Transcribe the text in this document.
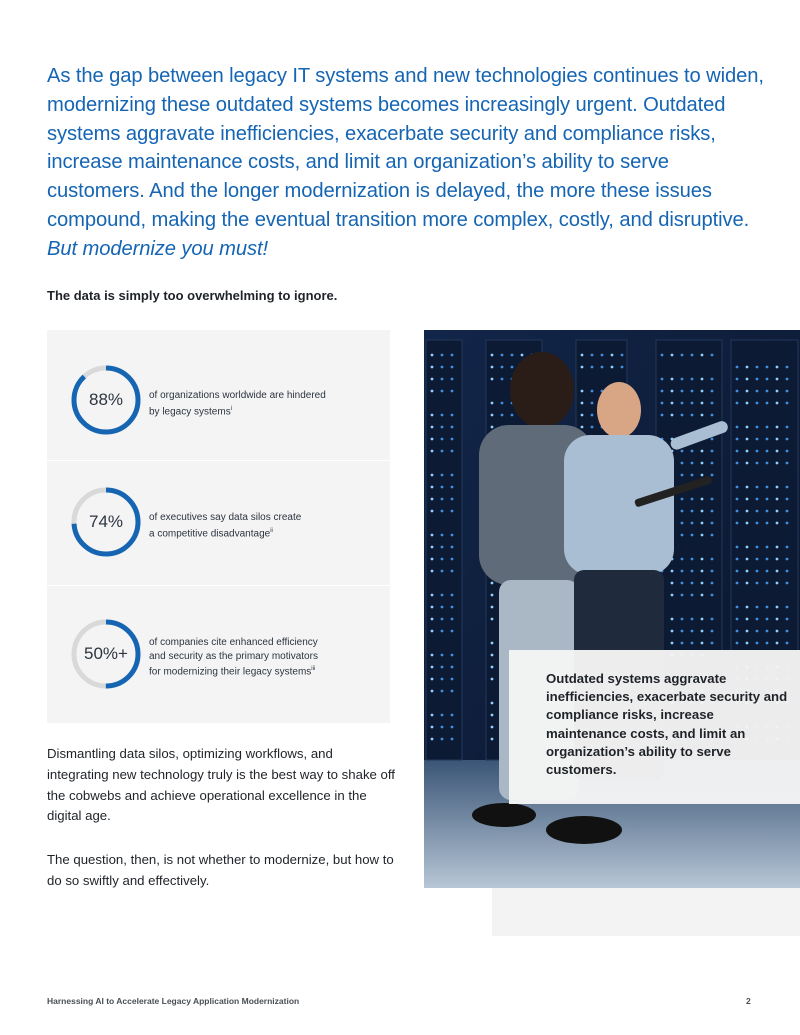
As the gap between legacy IT systems and new technologies continues to widen, modernizing these outdated systems becomes increasingly urgent. Outdated systems aggravate inefficiencies, exacerbate security and compliance risks, increase maintenance costs, and limit an organization’s ability to serve customers. And the longer modernization is delayed, the more these issues compound, making the eventual transition more complex, costly, and disruptive. But modernize you must!

The data is simply too overwhelming to ignore.

88%	of organizations worldwide are hindered
by legacy systems$^i$
74%	of executives say data silos create
a competitive disadvantage$^{ii}$
50%+
of companies cite enhanced efficiency
and security as the primary motivators
for modernizing their legacy systems$^{iii}$

Dismantling data silos, optimizing workflows, and integrating new technology truly is the best way to shake off the cobwebs and achieve operational excellence in the digital age.

The question, then, is not whether to modernize, but how to do so swiftly and effectively.

Outdated systems aggravate inefficiencies, exacerbate security and compliance risks, increase maintenance costs, and limit an organization’s ability to serve customers.

Harnessing AI to Accelerate Legacy Application Modernization	2
